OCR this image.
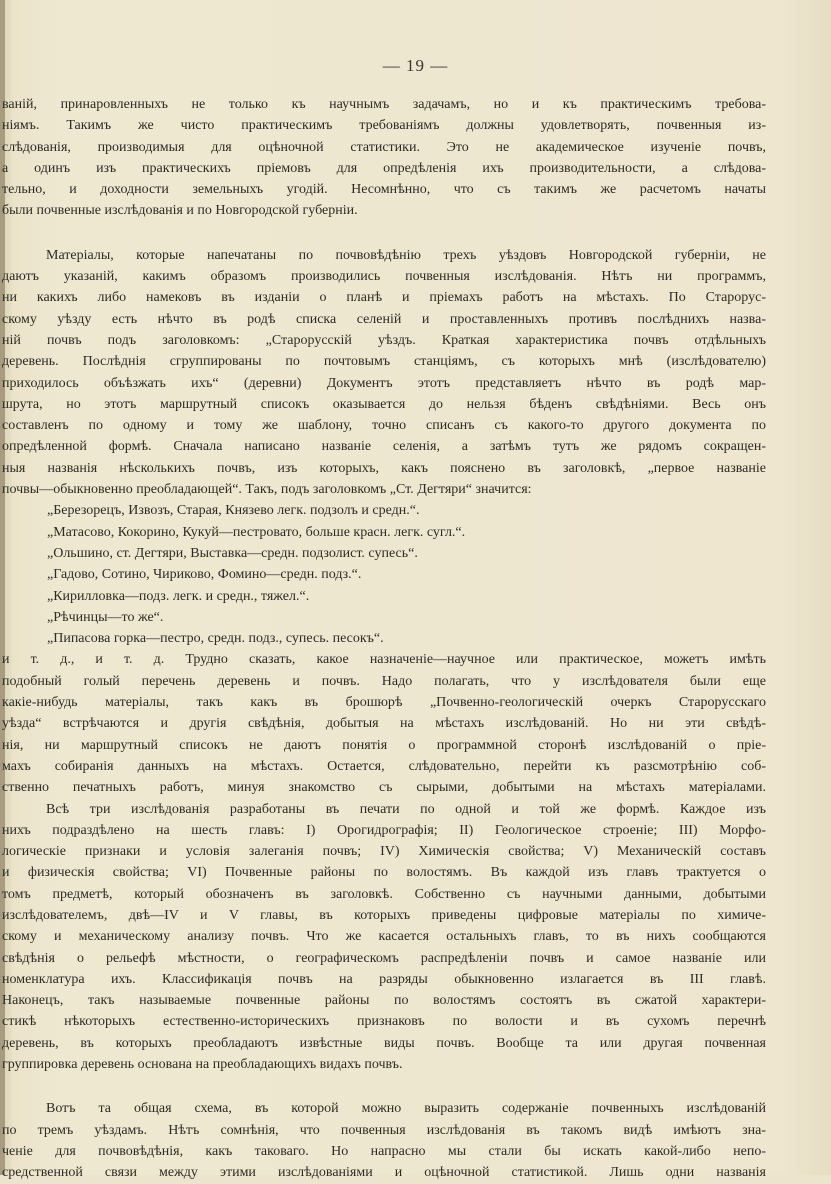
— 19 —
ваній, принаровленныхъ не только къ научнымъ задачамъ, но и къ практическимъ требова-
ніямъ. Такимъ же чисто практическимъ требованіямъ должны удовлетворять, почвенныя из-
слѣдованія, производимыя для оцѣночной статистики. Это не академическое изученіе почвъ,
а одинъ изъ практическихъ пріемовъ для опредѣленія ихъ производительности, а слѣдова-
тельно, и доходности земельныхъ угодій. Несомнѣнно, что съ такимъ же расчетомъ начаты
были почвенные изслѣдованія и по Новгородской губерніи.
Матеріалы, которые напечатаны по почвовѣдѣнію трехъ уѣздовъ Новгородской губерніи, не
даютъ указаній, какимъ образомъ производились почвенныя изслѣдованія. Нѣтъ ни программъ,
ни какихъ либо намековъ въ изданіи о планѣ и пріемахъ работъ на мѣстахъ. По Старорус-
скому уѣзду есть нѣчто въ родѣ списка селеній и проставленныхъ противъ послѣднихъ назва-
ній почвъ подъ заголовкомъ: „Старорусскій уѣздъ. Краткая характеристика почвъ отдѣльныхъ
деревень. Послѣднія сгруппированы по почтовымъ станціямъ, съ которыхъ мнѣ (изслѣдователю)
приходилось объѣзжать ихъ“ (деревни) Документъ этотъ представляетъ нѣчто въ родѣ мар-
шрута, но этотъ маршрутный списокъ оказывается до нельзя бѣденъ свѣдѣніями. Весь онъ
составленъ по одному и тому же шаблону, точно списанъ съ какого-то другого документа по
опредѣленной формѣ. Сначала написано названіе селенія, а затѣмъ тутъ же рядомъ сокращен-
ныя названія нѣсколькихъ почвъ, изъ которыхъ, какъ пояснено въ заголовкѣ, „первое названіе
почвы—обыкновенно преобладающей“. Такъ, подъ заголовкомъ „Ст. Дегтяри“ значится:
„Березорецъ, Извозъ, Старая, Князево легк. подзолъ и средн.“.
„Матасово, Кокорино, Кукуй—пестровато, больше красн. легк. сугл.“.
„Ольшино, ст. Дегтяри, Выставка—средн. подзолист. супесь“.
„Гадово, Сотино, Чириково, Фомино—средн. подз.“.
„Кирилловка—подз. легк. и средн., тяжел.“.
„Рѣчинцы—то же“.
„Пипасова горка—пестро, средн. подз., супесь. песокъ“.
и т. д., и т. д. Трудно сказать, какое назначеніе—научное или практическое, можетъ имѣть
подобный голый перечень деревень и почвъ. Надо полагать, что у изслѣдователя были еще
какіе-нибудь матеріалы, такъ какъ въ брошюрѣ „Почвенно-геологическій очеркъ Старорусскаго
уѣзда“ встрѣчаются и другія свѣдѣнія, добытыя на мѣстахъ изслѣдованій. Но ни эти свѣдѣ-
нія, ни маршрутный списокъ не даютъ понятія о программной сторонѣ изслѣдованій о пріе-
махъ собиранія данныхъ на мѣстахъ. Остается, слѣдовательно, перейти къ разсмотрѣнію соб-
ственно печатныхъ работъ, минуя знакомство съ сырыми, добытыми на мѣстахъ матеріалами.
Всѣ три изслѣдованія разработаны въ печати по одной и той же формѣ. Каждое изъ
нихъ подраздѣлено на шесть главъ: I) Орогидрографія; II) Геологическое строеніе; III) Морфо-
логическіе признаки и условія залеганія почвъ; IV) Химическія свойства; V) Механическій составъ
и физическія свойства; VI) Почвенные районы по волостямъ. Въ каждой изъ главъ трактуется о
томъ предметѣ, который обозначенъ въ заголовкѣ. Собственно съ научными данными, добытыми
изслѣдователемъ, двѣ—IV и V главы, въ которыхъ приведены цифровые матеріалы по химиче-
скому и механическому анализу почвъ. Что же касается остальныхъ главъ, то въ нихъ сообщаются
свѣдѣнія о рельефѣ мѣстности, о географическомъ распредѣленіи почвъ и самое названіе или
номенклатура ихъ. Классификація почвъ на разряды обыкновенно излагается въ III главѣ.
Наконецъ, такъ называемые почвенные районы по волостямъ состоятъ въ сжатой характери-
стикѣ нѣкоторыхъ естественно-историческихъ признаковъ по волости и въ сухомъ перечнѣ
деревень, въ которыхъ преобладаютъ извѣстные виды почвъ. Вообще та или другая почвенная
группировка деревень основана на преобладающихъ видахъ почвъ.
Вотъ та общая схема, въ которой можно выразить содержаніе почвенныхъ изслѣдованій
по тремъ уѣздамъ. Нѣтъ сомнѣнія, что почвенныя изслѣдованія въ такомъ видѣ имѣютъ зна-
ченіе для почвовѣдѣнія, какъ таковаго. Но напрасно мы стали бы искать какой-либо непо-
средственной связи между этими изслѣдованіями и оцѣночной статистикой. Лишь одни названія
